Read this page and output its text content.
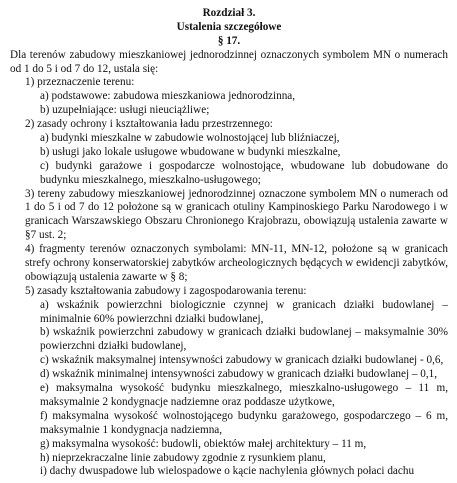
Rozdział 3.
Ustalenia szczegółowe
§ 17.

Dla terenów zabudowy mieszkaniowej jednorodzinnej oznaczonych symbolem MN o numerach od 1 do 5 i od 7 do 12, ustala się:

1) przeznaczenie terenu:
a) podstawowe: zabudowa mieszkaniowa jednorodzinna,
b) uzupełniające: usługi nieuciążliwe;
2) zasady ochrony i kształtowania ładu przestrzennego:
a) budynki mieszkalne w zabudowie wolnostojącej lub bliźniaczej,
b) usługi jako lokale usługowe wbudowane w budynki mieszkalne,

c) budynki garażowe i gospodarcze wolnostojące, wbudowane lub dobudowane do budynku mieszkalnego, mieszkalno-usługowego;

3) tereny zabudowy mieszkaniowej jednorodzinnej oznaczone symbolem MN o numerach od 1 do 5 i od 7 do 12 położone są w granicach otuliny Kampinoskiego Parku Narodowego i w granicach Warszawskiego Obszaru Chronionego Krajobrazu, obowiązują ustalenia zawarte w §7 ust. 2;

4) fragmenty terenów oznaczonych symbolami: MN-11, MN-12, położone są w granicach strefy ochrony konserwatorskiej zabytków archeologicznych będących w ewidencji zabytków, obowiązują ustalenia zawarte w § 8;

5) zasady kształtowania zabudowy i zagospodarowania terenu:

a) wskaźnik powierzchni biologicznie czynnej w granicach działki budowlanej – minimalnie 60% powierzchni działki budowlanej,

b) wskaźnik powierzchni zabudowy w granicach działki budowlanej – maksymalnie 30% powierzchni działki budowlanej,

c) wskaźnik maksymalnej intensywności zabudowy w granicach działki budowlanej - 0,6,

d) wskaźnik minimalnej intensywności zabudowy w granicach działki budowlanej – 0,1,

e) maksymalna wysokość budynku mieszkalnego, mieszkalno-usługowego – 11 m, maksymalnie 2 kondygnacje nadziemne oraz poddasze użytkowe,

f) maksymalna wysokość wolnostojącego budynku garażowego, gospodarczego – 6 m, maksymalnie 1 kondygnacja nadziemna,

g) maksymalna wysokość: budowli, obiektów małej architektury – 11 m,
h) nieprzekraczalne linie zabudowy zgodnie z rysunkiem planu,
i) dachy dwuspadowe lub wielospadowe o kącie nachylenia głównych połaci dachu
